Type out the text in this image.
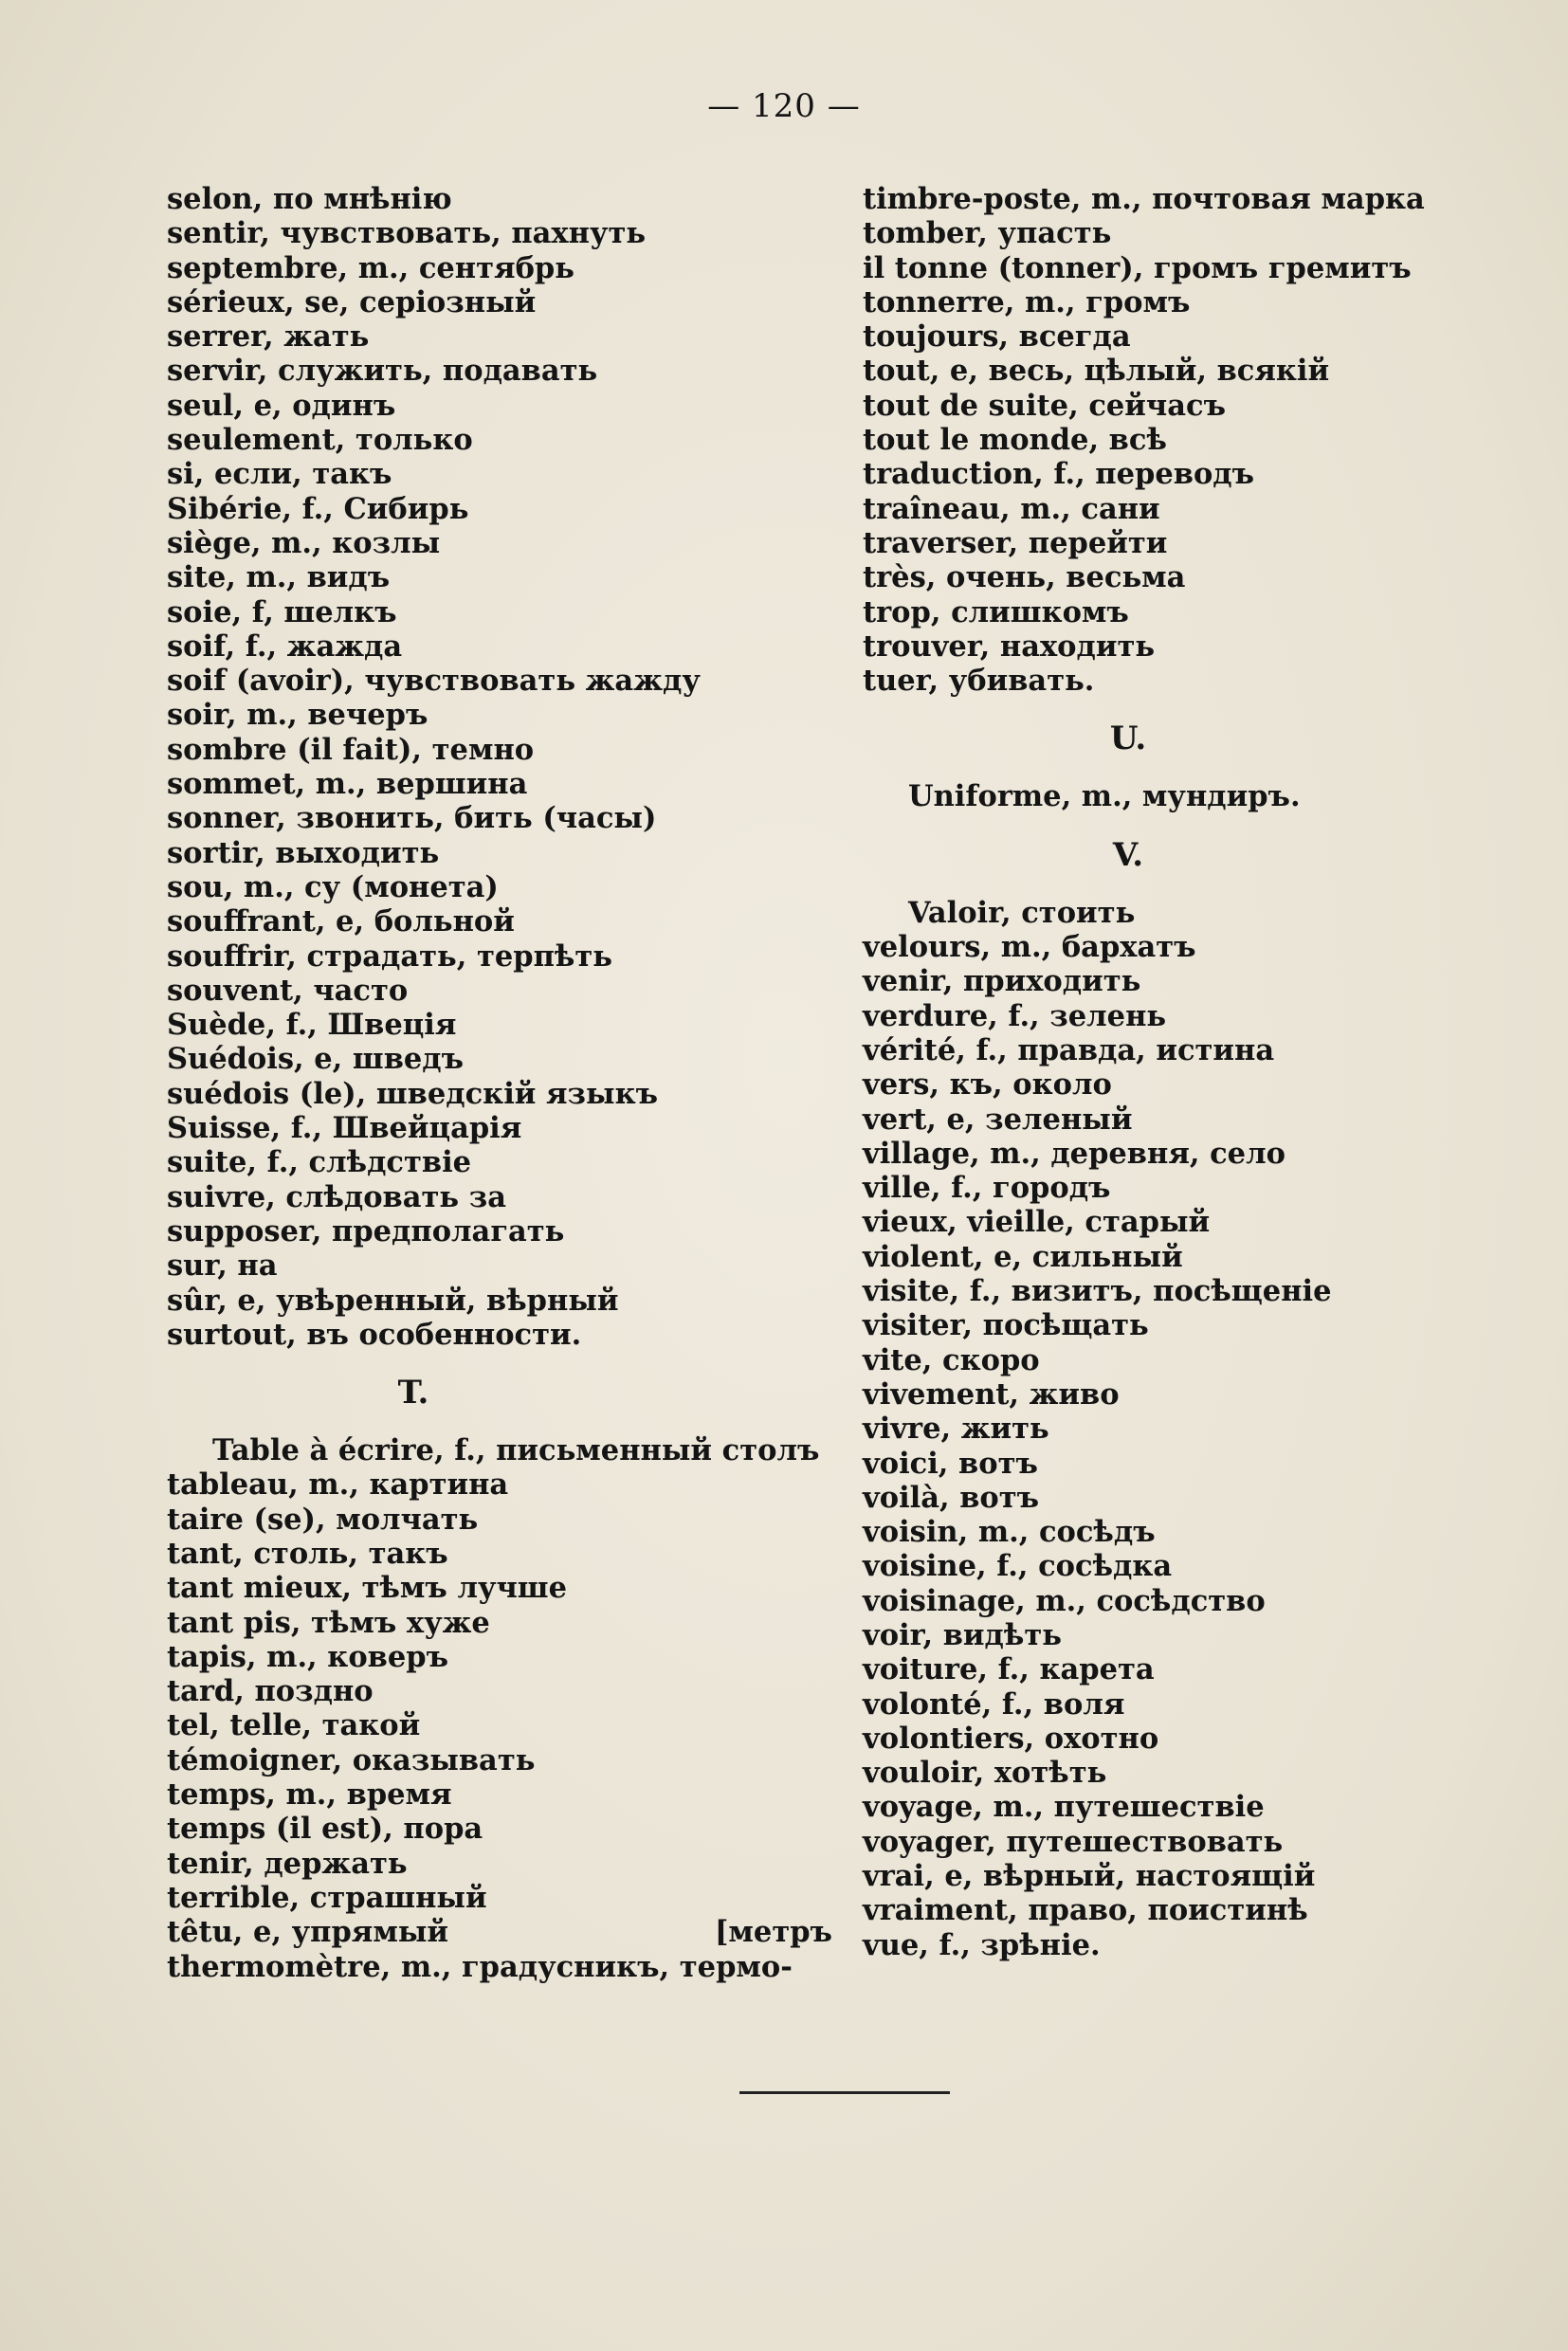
— 120 —
selon, по мнѣнію
sentir, чувствовать, пахнуть
septembre, m., сентябрь
sérieux, se, серіозный
serrer, жать
servir, служить, подавать
seul, e, одинъ
seulement, только
si, если, такъ
Sibérie, f., Сибирь
siège, m., козлы
site, m., видъ
soie, f, шелкъ
soif, f., жажда
soif (avoir), чувствовать жажду
soir, m., вечеръ
sombre (il fait), темно
sommet, m., вершина
sonner, звонить, бить (часы)
sortir, выходить
sou, m., су (монета)
souffrant, e, больной
souffrir, страдать, терпѣть
souvent, часто
Suède, f., Швеція
Suédois, e, шведъ
suédois (le), шведскій языкъ
Suisse, f., Швейцарія
suite, f., слѣдствіе
suivre, слѣдовать за
supposer, предполагать
sur, на
sûr, e, увѣренный, вѣрный
surtout, въ особенности.
T.
Table à écrire, f., письменный столъ
tableau, m., картина
taire (se), молчать
tant, столь, такъ
tant mieux, тѣмъ лучше
tant pis, тѣмъ хуже
tapis, m., коверъ
tard, поздно
tel, telle, такой
témoigner, оказывать
temps, m., время
temps (il est), пора
tenir, держать
terrible, страшный
têtu, e, упрямый	[метръ
thermomètre, m., градусникъ, термо-
timbre-poste, m., почтовая марка
tomber, упасть
il tonne (tonner), громъ гремитъ
tonnerre, m., громъ
toujours, всегда
tout, e, весь, цѣлый, всякій
tout de suite, сейчасъ
tout le monde, всѣ
traduction, f., переводъ
traîneau, m., сани
traverser, перейти
très, очень, весьма
trop, слишкомъ
trouver, находить
tuer, убивать.
U.
Uniforme, m., мундиръ.
V.
Valoir, стоить
velours, m., бархатъ
venir, приходить
verdure, f., зелень
vérité, f., правда, истина
vers, къ, около
vert, e, зеленый
village, m., деревня, село
ville, f., городъ
vieux, vieille, старый
violent, e, сильный
visite, f., визитъ, посѣщеніе
visiter, посѣщать
vite, скоро
vivement, живо
vivre, жить
voici, вотъ
voilà, вотъ
voisin, m., сосѣдъ
voisine, f., сосѣдка
voisinage, m., сосѣдство
voir, видѣть
voiture, f., карета
volonté, f., воля
volontiers, охотно
vouloir, хотѣть
voyage, m., путешествіе
voyager, путешествовать
vrai, e, вѣрный, настоящій
vraiment, право, поистинѣ
vue, f., зрѣніе.
